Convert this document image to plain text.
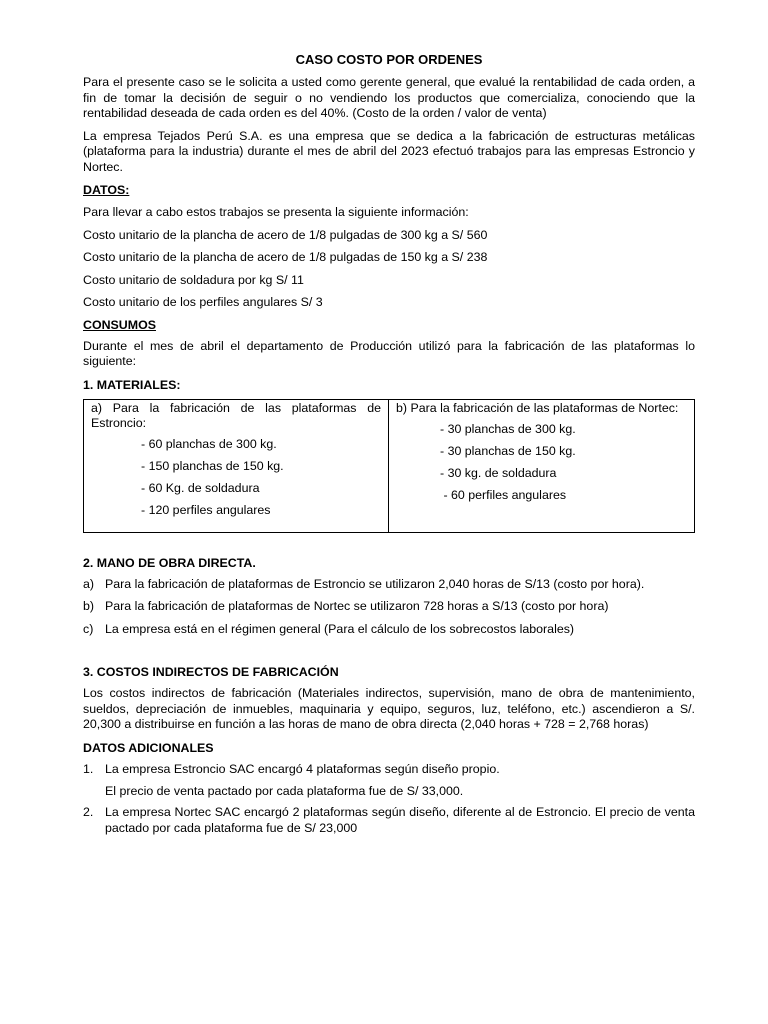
CASO COSTO POR ORDENES

Para el presente caso se le solicita a usted como gerente general, que evalué la rentabilidad de cada orden, a fin de tomar la decisión de seguir o no vendiendo los productos que comercializa, conociendo que la rentabilidad deseada de cada orden es del 40%. (Costo de la orden / valor de venta)

La empresa Tejados Perú S.A. es una empresa que se dedica a la fabricación de estructuras metálicas (plataforma para la industria) durante el mes de abril del 2023 efectuó trabajos para las empresas Estroncio y Nortec.

DATOS:

Para llevar a cabo estos trabajos se presenta la siguiente información:

Costo unitario de la plancha de acero de 1/8 pulgadas de 300 kg a S/ 560

Costo unitario de la plancha de acero de 1/8 pulgadas de 150 kg a S/ 238

Costo unitario de soldadura por kg S/ 11

Costo unitario de los perfiles angulares S/ 3

CONSUMOS

Durante el mes de abril el departamento de Producción utilizó para la fabricación de las plataformas lo siguiente:

1. MATERIALES:

a) Para la fabricación de las plataformas de Estroncio:
- 60 planchas de 300 kg.
- 150 planchas de 150 kg.
- 60 Kg. de soldadura
- 120 perfiles angulares

b) Para la fabricación de las plataformas de Nortec:
- 30 planchas de 300 kg.
- 30 planchas de 150 kg.
- 30 kg. de soldadura
- 60 perfiles angulares

2. MANO DE OBRA DIRECTA.

a) Para la fabricación de plataformas de Estroncio se utilizaron 2,040 horas de S/13 (costo por hora).
b) Para la fabricación de plataformas de Nortec se utilizaron 728 horas a S/13 (costo por hora)
c) La empresa está en el régimen general (Para el cálculo de los sobrecostos laborales)

3. COSTOS INDIRECTOS DE FABRICACIÓN

Los costos indirectos de fabricación (Materiales indirectos, supervisión, mano de obra de mantenimiento, sueldos, depreciación de inmuebles, maquinaria y equipo, seguros, luz, teléfono, etc.) ascendieron a S/. 20,300 a distribuirse en función a las horas de mano de obra directa (2,040 horas + 728 = 2,768 horas)

DATOS ADICIONALES

1. La empresa Estroncio SAC encargó 4 plataformas según diseño propio.

El precio de venta pactado por cada plataforma fue de S/ 33,000.

2. La empresa Nortec SAC encargó 2 plataformas según diseño, diferente al de Estroncio. El precio de venta pactado por cada plataforma fue de S/ 23,000
